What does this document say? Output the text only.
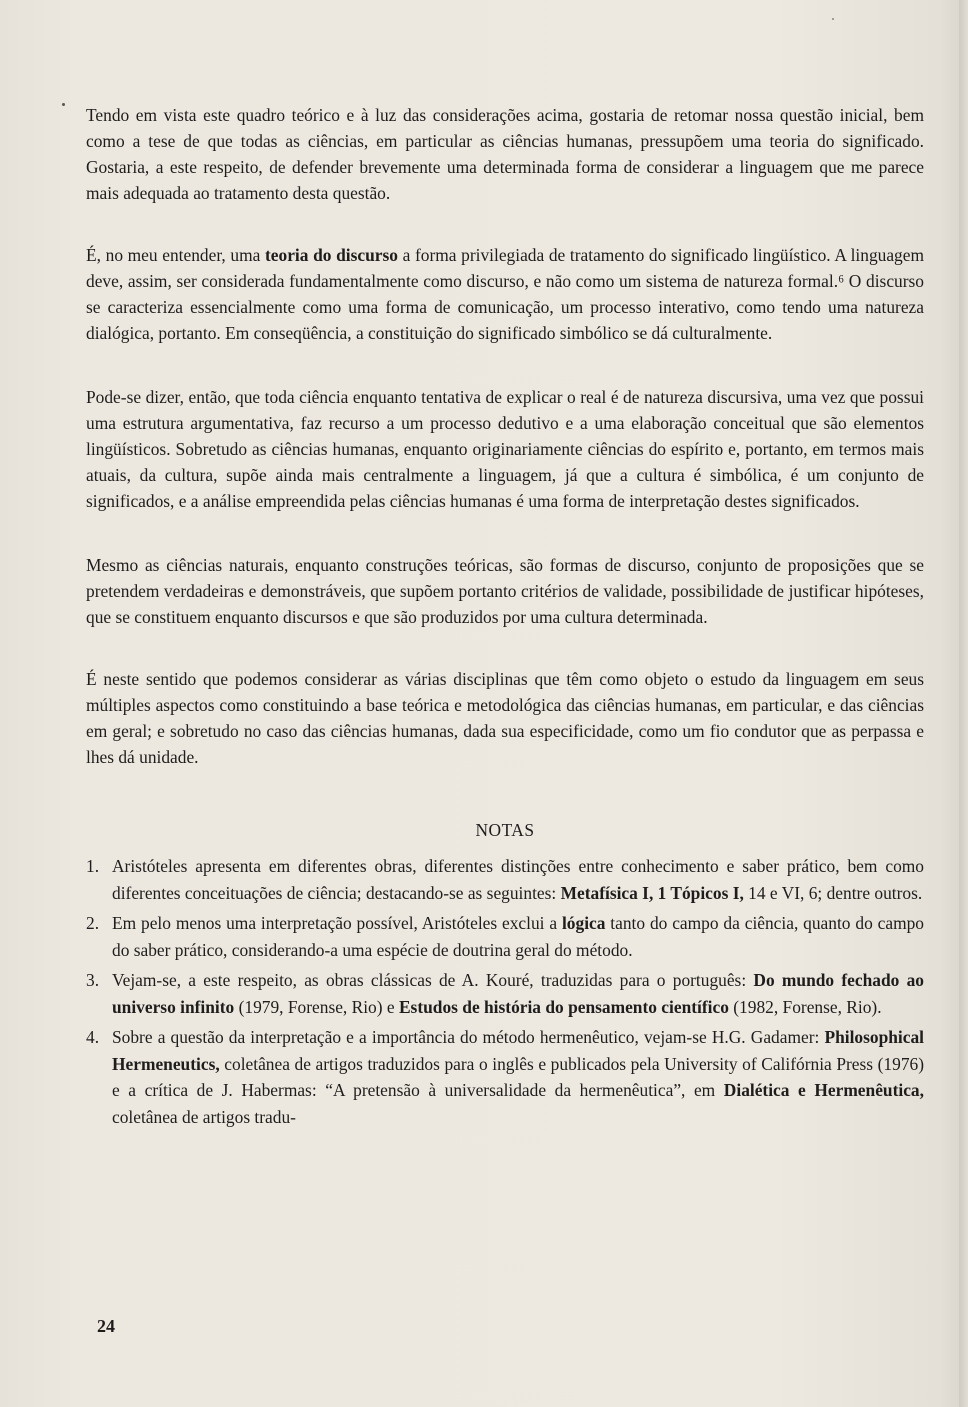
Tendo em vista este quadro teórico e à luz das considerações acima, gostaria de retomar nossa questão inicial, bem como a tese de que todas as ciências, em particular as ciências humanas, pressupõem uma teoria do significado. Gostaria, a este respeito, de defender brevemente uma determinada forma de considerar a linguagem que me parece mais adequada ao tratamento desta questão.

É, no meu entender, uma teoria do discurso a forma privilegiada de tratamento do significado lingüístico. A linguagem deve, assim, ser considerada fundamentalmente como discurso, e não como um sistema de natureza formal.⁶ O discurso se caracteriza essencialmente como uma forma de comunicação, um processo interativo, como tendo uma natureza dialógica, portanto. Em conseqüência, a constituição do significado simbólico se dá culturalmente.

Pode-se dizer, então, que toda ciência enquanto tentativa de explicar o real é de natureza discursiva, uma vez que possui uma estrutura argumentativa, faz recurso a um processo dedutivo e a uma elaboração conceitual que são elementos lingüísticos. Sobretudo as ciências humanas, enquanto originariamente ciências do espírito e, portanto, em termos mais atuais, da cultura, supõe ainda mais centralmente a linguagem, já que a cultura é simbólica, é um conjunto de significados, e a análise empreendida pelas ciências humanas é uma forma de interpretação destes significados.

Mesmo as ciências naturais, enquanto construções teóricas, são formas de discurso, conjunto de proposições que se pretendem verdadeiras e demonstráveis, que supõem portanto critérios de validade, possibilidade de justificar hipóteses, que se constituem enquanto discursos e que são produzidos por uma cultura determinada.

É neste sentido que podemos considerar as várias disciplinas que têm como objeto o estudo da linguagem em seus múltiples aspectos como constituindo a base teórica e metodológica das ciências humanas, em particular, e das ciências em geral; e sobretudo no caso das ciências humanas, dada sua especificidade, como um fio condutor que as perpassa e lhes dá unidade.

NOTAS
1. Aristóteles apresenta em diferentes obras, diferentes distinções entre conhecimento e saber prático, bem como diferentes conceituações de ciência; destacando-se as seguintes: Metafísica I, 1 Tópicos I, 14 e VI, 6; dentre outros.
2. Em pelo menos uma interpretação possível, Aristóteles exclui a lógica tanto do campo da ciência, quanto do campo do saber prático, considerando-a uma espécie de doutrina geral do método.
3. Vejam-se, a este respeito, as obras clássicas de A. Kouré, traduzidas para o português: Do mundo fechado ao universo infinito (1979, Forense, Rio) e Estudos de história do pensamento científico (1982, Forense, Rio).
4. Sobre a questão da interpretação e a importância do método hermenêutico, vejam-se H.G. Gadamer: Philosophical Hermeneutics, coletânea de artigos traduzidos para o inglês e publicados pela University of Califórnia Press (1976) e a crítica de J. Habermas: “A pretensão à universalidade da hermenêutica”, em Dialética e Hermenêutica, coletânea de artigos tradu-
24
